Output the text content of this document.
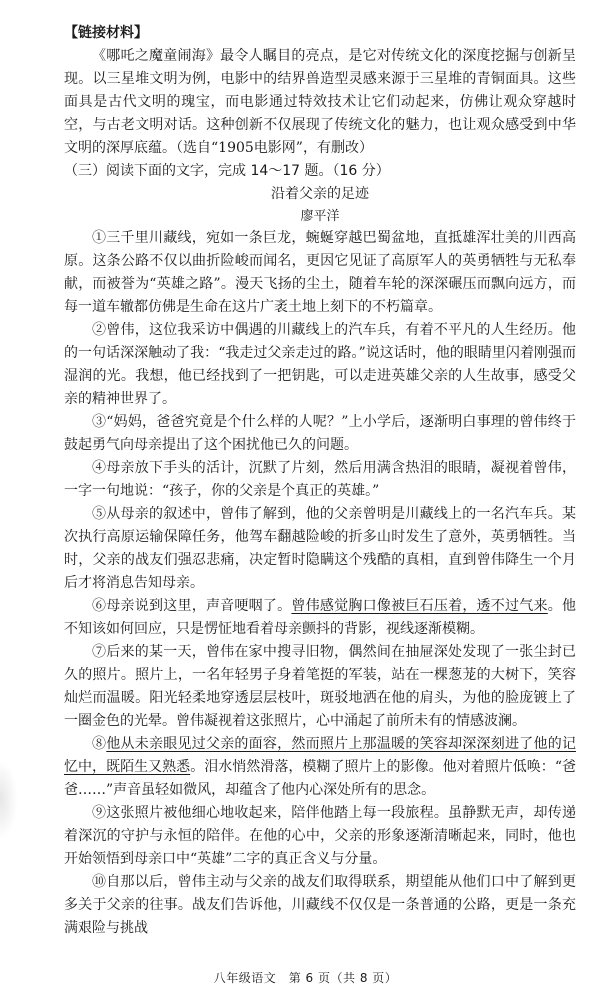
【链接材料】

《哪吒之魔童闹海》最令人瞩目的亮点，是它对传统文化的深度挖掘与创新呈现。以三星堆文明为例，电影中的结界兽造型灵感来源于三星堆的青铜面具。这些面具是古代文明的瑰宝，而电影通过特效技术让它们动起来，仿佛让观众穿越时空，与古老文明对话。这种创新不仅展现了传统文化的魅力，也让观众感受到中华文明的深厚底蕴。（选自“1905电影网”，有删改）

（三）阅读下面的文字，完成 14～17 题。（16 分）

沿着父亲的足迹

廖平洋

①三千里川藏线，宛如一条巨龙，蜿蜒穿越巴蜀盆地，直抵雄浑壮美的川西高原。这条公路不仅以曲折险峻而闻名，更因它见证了高原军人的英勇牺牲与无私奉献，而被誉为“英雄之路”。漫天飞扬的尘土，随着车轮的深深碾压而飘向远方，而每一道车辙都仿佛是生命在这片广袤土地上刻下的不朽篇章。

②曾伟，这位我采访中偶遇的川藏线上的汽车兵，有着不平凡的人生经历。他的一句话深深触动了我：“我走过父亲走过的路。”说这话时，他的眼睛里闪着刚强而湿润的光。我想，他已经找到了一把钥匙，可以走进英雄父亲的人生故事，感受父亲的精神世界了。

③“妈妈，爸爸究竟是个什么样的人呢？”上小学后，逐渐明白事理的曾伟终于鼓起勇气向母亲提出了这个困扰他已久的问题。

④母亲放下手头的活计，沉默了片刻，然后用满含热泪的眼睛，凝视着曾伟，一字一句地说：“孩子，你的父亲是个真正的英雄。”

⑤从母亲的叙述中，曾伟了解到，他的父亲曾明是川藏线上的一名汽车兵。某次执行高原运输保障任务，他驾车翻越险峻的折多山时发生了意外，英勇牺牲。当时，父亲的战友们强忍悲痛，决定暂时隐瞒这个残酷的真相，直到曾伟降生一个月后才将消息告知母亲。

⑥母亲说到这里，声音哽咽了。曾伟感觉胸口像被巨石压着，透不过气来。他不知该如何回应，只是愣怔地看着母亲颤抖的背影，视线逐渐模糊。

⑦后来的某一天，曾伟在家中搜寻旧物，偶然间在抽屉深处发现了一张尘封已久的照片。照片上，一名年轻男子身着笔挺的军装，站在一棵葱茏的大树下，笑容灿烂而温暖。阳光轻柔地穿透层层枝叶，斑驳地洒在他的肩头，为他的脸庞镀上了一圈金色的光晕。曾伟凝视着这张照片，心中涌起了前所未有的情感波澜。

⑧他从未亲眼见过父亲的面容，然而照片上那温暖的笑容却深深刻进了他的记忆中，既陌生又熟悉。泪水悄然滑落，模糊了照片上的影像。他对着照片低唤：“爸爸……”声音虽轻如微风，却蕴含了他内心深处所有的思念。

⑨这张照片被他细心地收起来，陪伴他踏上每一段旅程。虽静默无声，却传递着深沉的守护与永恒的陪伴。在他的心中，父亲的形象逐渐清晰起来，同时，他也开始领悟到母亲口中“英雄”二字的真正含义与分量。

⑩自那以后，曾伟主动与父亲的战友们取得联系，期望能从他们口中了解到更多关于父亲的往事。战友们告诉他，川藏线不仅仅是一条普通的公路，更是一条充满艰险与挑战

八年级语文　第 6 页（共 8 页）
